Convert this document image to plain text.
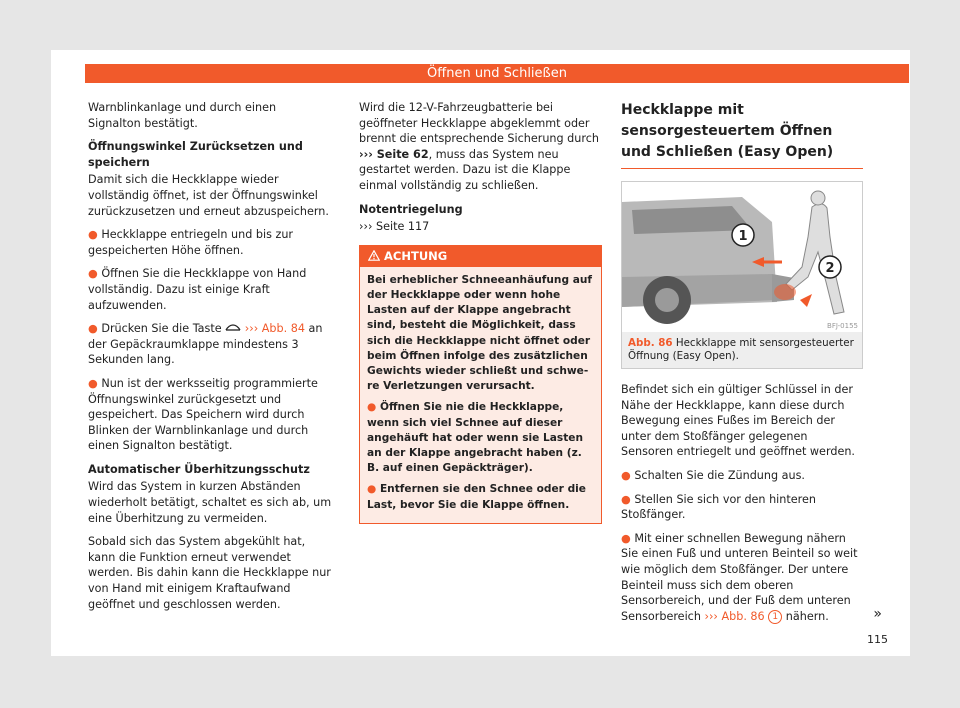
Öffnen und Schließen

Warnblinkanlage und durch einen Signalton bestätigt.

Öffnungswinkel Zurücksetzen und speichern

Damit sich die Heckklappe wieder vollständig öffnet, ist der Öffnungswinkel zurückzusetzen und erneut abzuspeichern.

● Heckklappe entriegeln und bis zur gespeicherten Höhe öffnen.

● Öffnen Sie die Heckklappe von Hand vollständig. Dazu ist einige Kraft aufzuwenden.

● Drücken Sie die Taste ››› Abb. 84 an der Gepäckraumklappe mindestens 3 Sekunden lang.

● Nun ist der werksseitig programmierte Öffnungswinkel zurückgesetzt und gespeichert. Das Speichern wird durch Blinken der Warnblinkanlage und durch einen Signalton bestätigt.

Automatischer Überhitzungsschutz

Wird das System in kurzen Abständen wiederholt betätigt, schaltet es sich ab, um eine Überhitzung zu vermeiden.

Sobald sich das System abgekühlt hat, kann die Funktion erneut verwendet werden. Bis dahin kann die Heckklappe nur von Hand mit einigem Kraftaufwand geöffnet und geschlossen werden.

Wird die 12-V-Fahrzeugbatterie bei geöffneter Heckklappe abgeklemmt oder brennt die entsprechende Sicherung durch ››› Seite 62, muss das System neu gestartet werden. Dazu ist die Klappe einmal vollständig zu schließen.

Notentriegelung

››› Seite 117

ACHTUNG

Bei erheblicher Schneeanhäufung auf der Heckklappe oder wenn hohe Lasten auf der Klappe angebracht sind, besteht die Möglichkeit, dass sich die Heckklappe nicht öffnet oder beim Öffnen infolge des zusätzlichen Gewichts wieder schließt und schwere Verletzungen verursacht.

● Öffnen Sie nie die Heckklappe, wenn sich viel Schnee auf dieser angehäuft hat oder wenn sie Lasten an der Klappe angebracht haben (z. B. auf einen Gepäckträger).

● Entfernen sie den Schnee oder die Last, bevor Sie die Klappe öffnen.

Heckklappe mit sensorgesteuertem Öffnen und Schließen (Easy Open)
1
2
BFJ-0155
Abb. 86 Heckklappe mit sensorgesteuerter Öffnung (Easy Open).

Befindet sich ein gültiger Schlüssel in der Nähe der Heckklappe, kann diese durch Bewegung eines Fußes im Bereich der unter dem Stoßfänger gelegenen Sensoren entriegelt und geöffnet werden.

● Schalten Sie die Zündung aus.

● Stellen Sie sich vor den hinteren Stoßfänger.

● Mit einer schnellen Bewegung nähern Sie einen Fuß und unteren Beinteil so weit wie möglich dem Stoßfänger. Der untere Beinteil muss sich dem oberen Sensorbereich, und der Fuß dem unteren Sensorbereich ››› Abb. 86 1 nähern.	»
115
